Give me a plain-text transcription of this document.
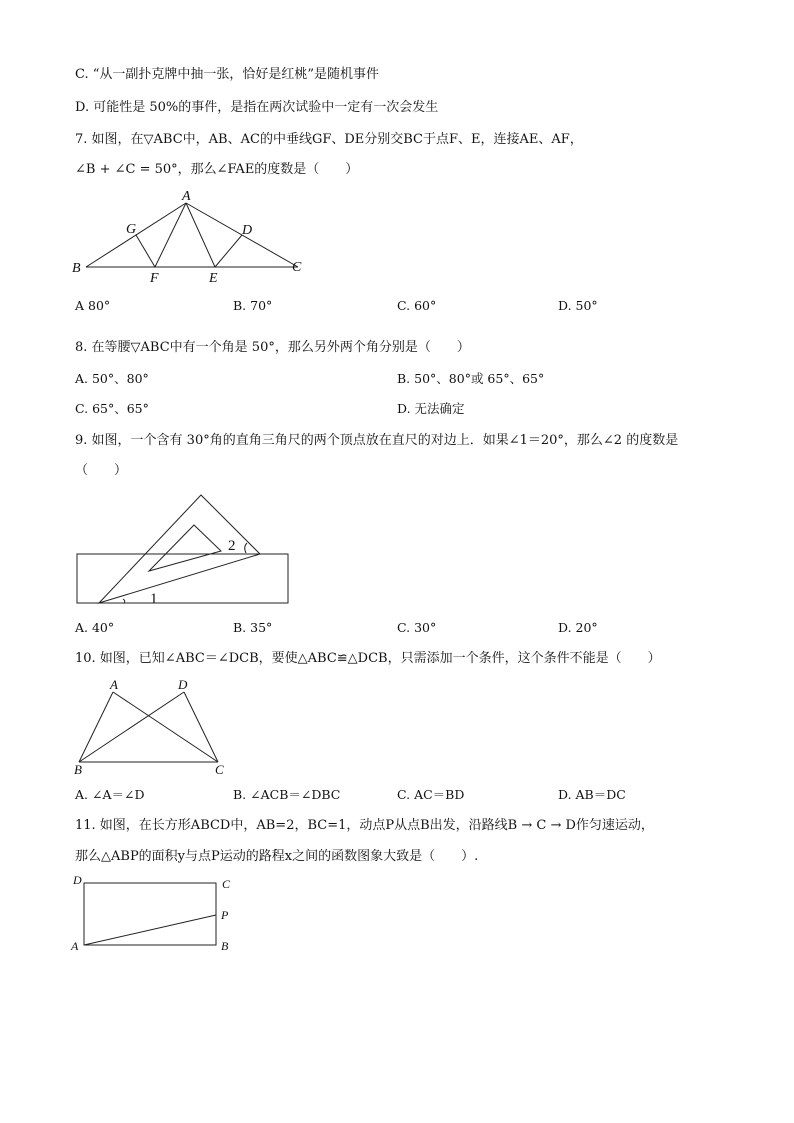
C. “从一副扑克牌中抽一张，恰好是红桃”是随机事件
D. 可能性是 50%的事件，是指在两次试验中一定有一次会发生
7. 如图，在▽ABC中，AB、AC的中垂线GF、DE分别交BC于点F、E，连接AE、AF，
∠B + ∠C = 50°，那么∠FAE的度数是（　　）
A
G	D
B	C
F	E
A 80°	B. 70°	C. 60°	D. 50°
8. 在等腰▽ABC中有一个角是 50°，那么另外两个角分别是（　　）
A. 50°、80°	B. 50°、80°或 65°、65°
C. 65°、65°	D. 无法确定
9. 如图，一个含有 30°角的直角三角尺的两个顶点放在直尺的对边上．如果∠1＝20°，那么∠2 的度数是
（　　）
1
2
A. 40°	B. 35°	C. 30°	D. 20°
10. 如图，已知∠ABC＝∠DCB，要使△ABC≌△DCB，只需添加一个条件，这个条件不能是（　　）
A	D
B	C
A. ∠A＝∠D	B. ∠ACB＝∠DBC	C. AC＝BD	D. AB＝DC
11. 如图，在长方形ABCD中，AB=2，BC=1，动点P从点B出发，沿路线B → C → D作匀速运动，
那么△ABP的面积y与点P运动的路程x之间的函数图象大致是（　　）.
D	C
P
A	B
